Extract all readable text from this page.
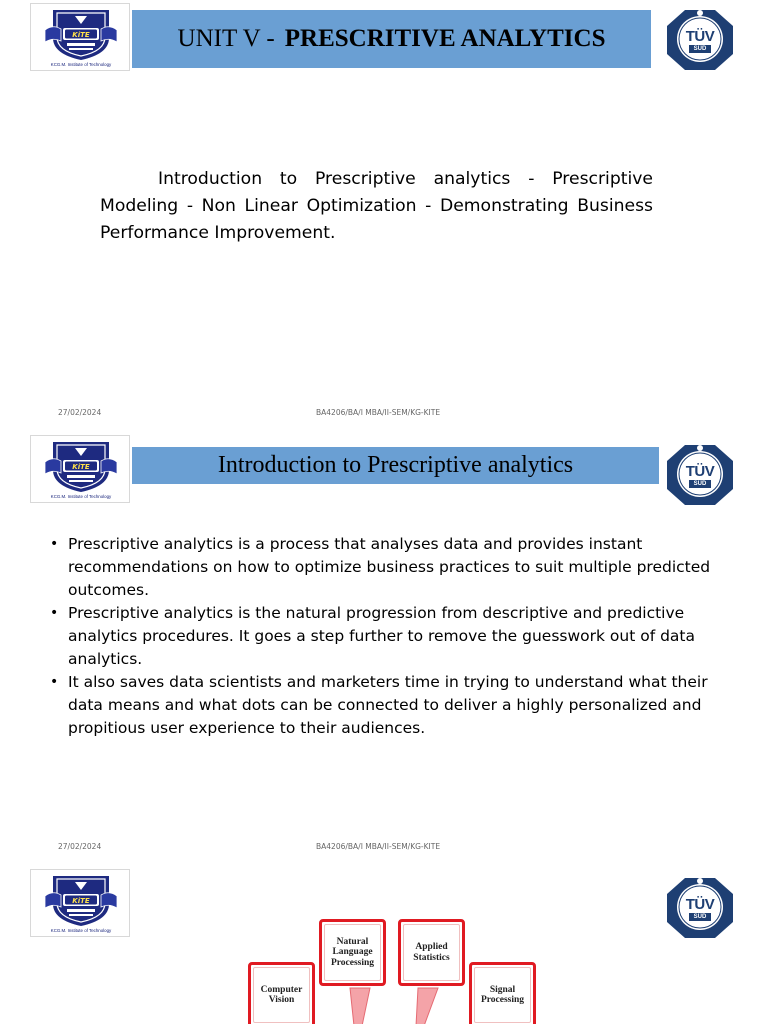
KiTE
KCG.M. Institute of Technology
UNIT V - PRESCRITIVE ANALYTICS	TÜV
SÜD
ISO 9001

Introduction to Prescriptive analytics - Prescriptive Modeling - Non Linear Optimization - Demonstrating Business Performance Improvement.

27/02/2024	BA4206/BA/I MBA/II-SEM/KG-KITE
KiTE
KCG.M. Institute of Technology
Introduction to Prescriptive analytics	TÜV
SÜD
ISO 9001
• Prescriptive analytics is a process that analyses data and provides instant recommendations on how to optimize business practices to suit multiple predicted outcomes.
• Prescriptive analytics is the natural progression from descriptive and predictive analytics procedures. It goes a step further to remove the guesswork out of data analytics.
• It also saves data scientists and marketers time in trying to understand what their data means and what dots can be connected to deliver a highly personalized and propitious user experience to their audiences.
27/02/2024	BA4206/BA/I MBA/II-SEM/KG-KITE
KiTE
KCG.M. Institute of Technology
TÜV
SÜD
ISO 9001
Computer Vision
Natural Language Processing
Applied Statistics
Signal Processing
